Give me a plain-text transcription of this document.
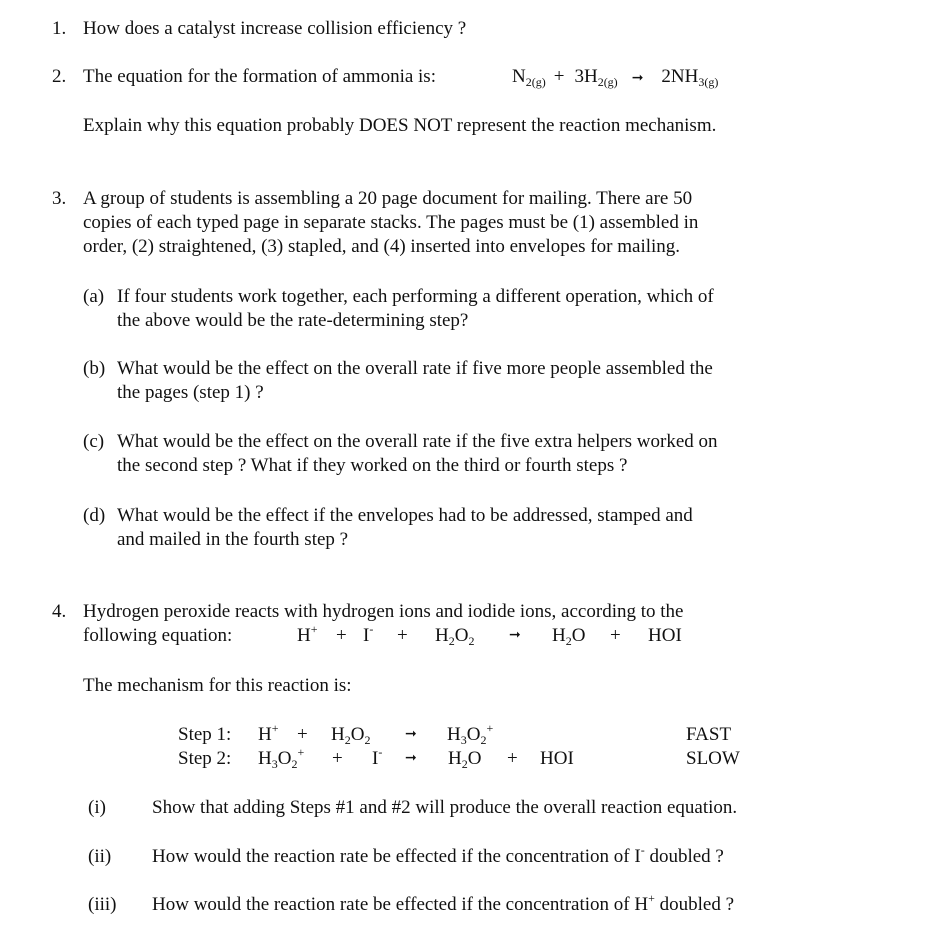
1. How does a catalyst increase collision efficiency ?
2. The equation for the formation of ammonia is:	$N_{2(g)} + 3H_{2(g)}$ ➞ $2NH_{3(g)}$
Explain why this equation probably DOES NOT represent the reaction mechanism.
3. A group of students is assembling a 20 page document for mailing. There are 50
copies of each typed page in separate stacks. The pages must be (1) assembled in
order, (2) straightened, (3) stapled, and (4) inserted into envelopes for mailing.
(a) If four students work together, each performing a different operation, which of
the above would be the rate-determining step?
(b) What would be the effect on the overall rate if five more people assembled the
the pages (step 1) ?
(c) What would be the effect on the overall rate if the five extra helpers worked on
the second step ? What if they worked on the third or fourth steps ?
(d) What would be the effect if the envelopes had to be addressed, stamped and
and mailed in the fourth step ?
4. Hydrogen peroxide reacts with hydrogen ions and iodide ions, according to the
following equation:	$H^+ + I^- + H_2O_2$ ➞ $H_2O$ + HOI
The mechanism for this reaction is:
Step 1: $H^+ + H_2O_2$ ➞ $H_3O_2^+$	FAST
Step 2: $H_3O_2^+ + I^-$ ➞ $H_2O$ + HOI	SLOW
(i) Show that adding Steps #1 and #2 will produce the overall reaction equation.
(ii) How would the reaction rate be effected if the concentration of I- doubled ?
(iii) How would the reaction rate be effected if the concentration of H+ doubled ?
